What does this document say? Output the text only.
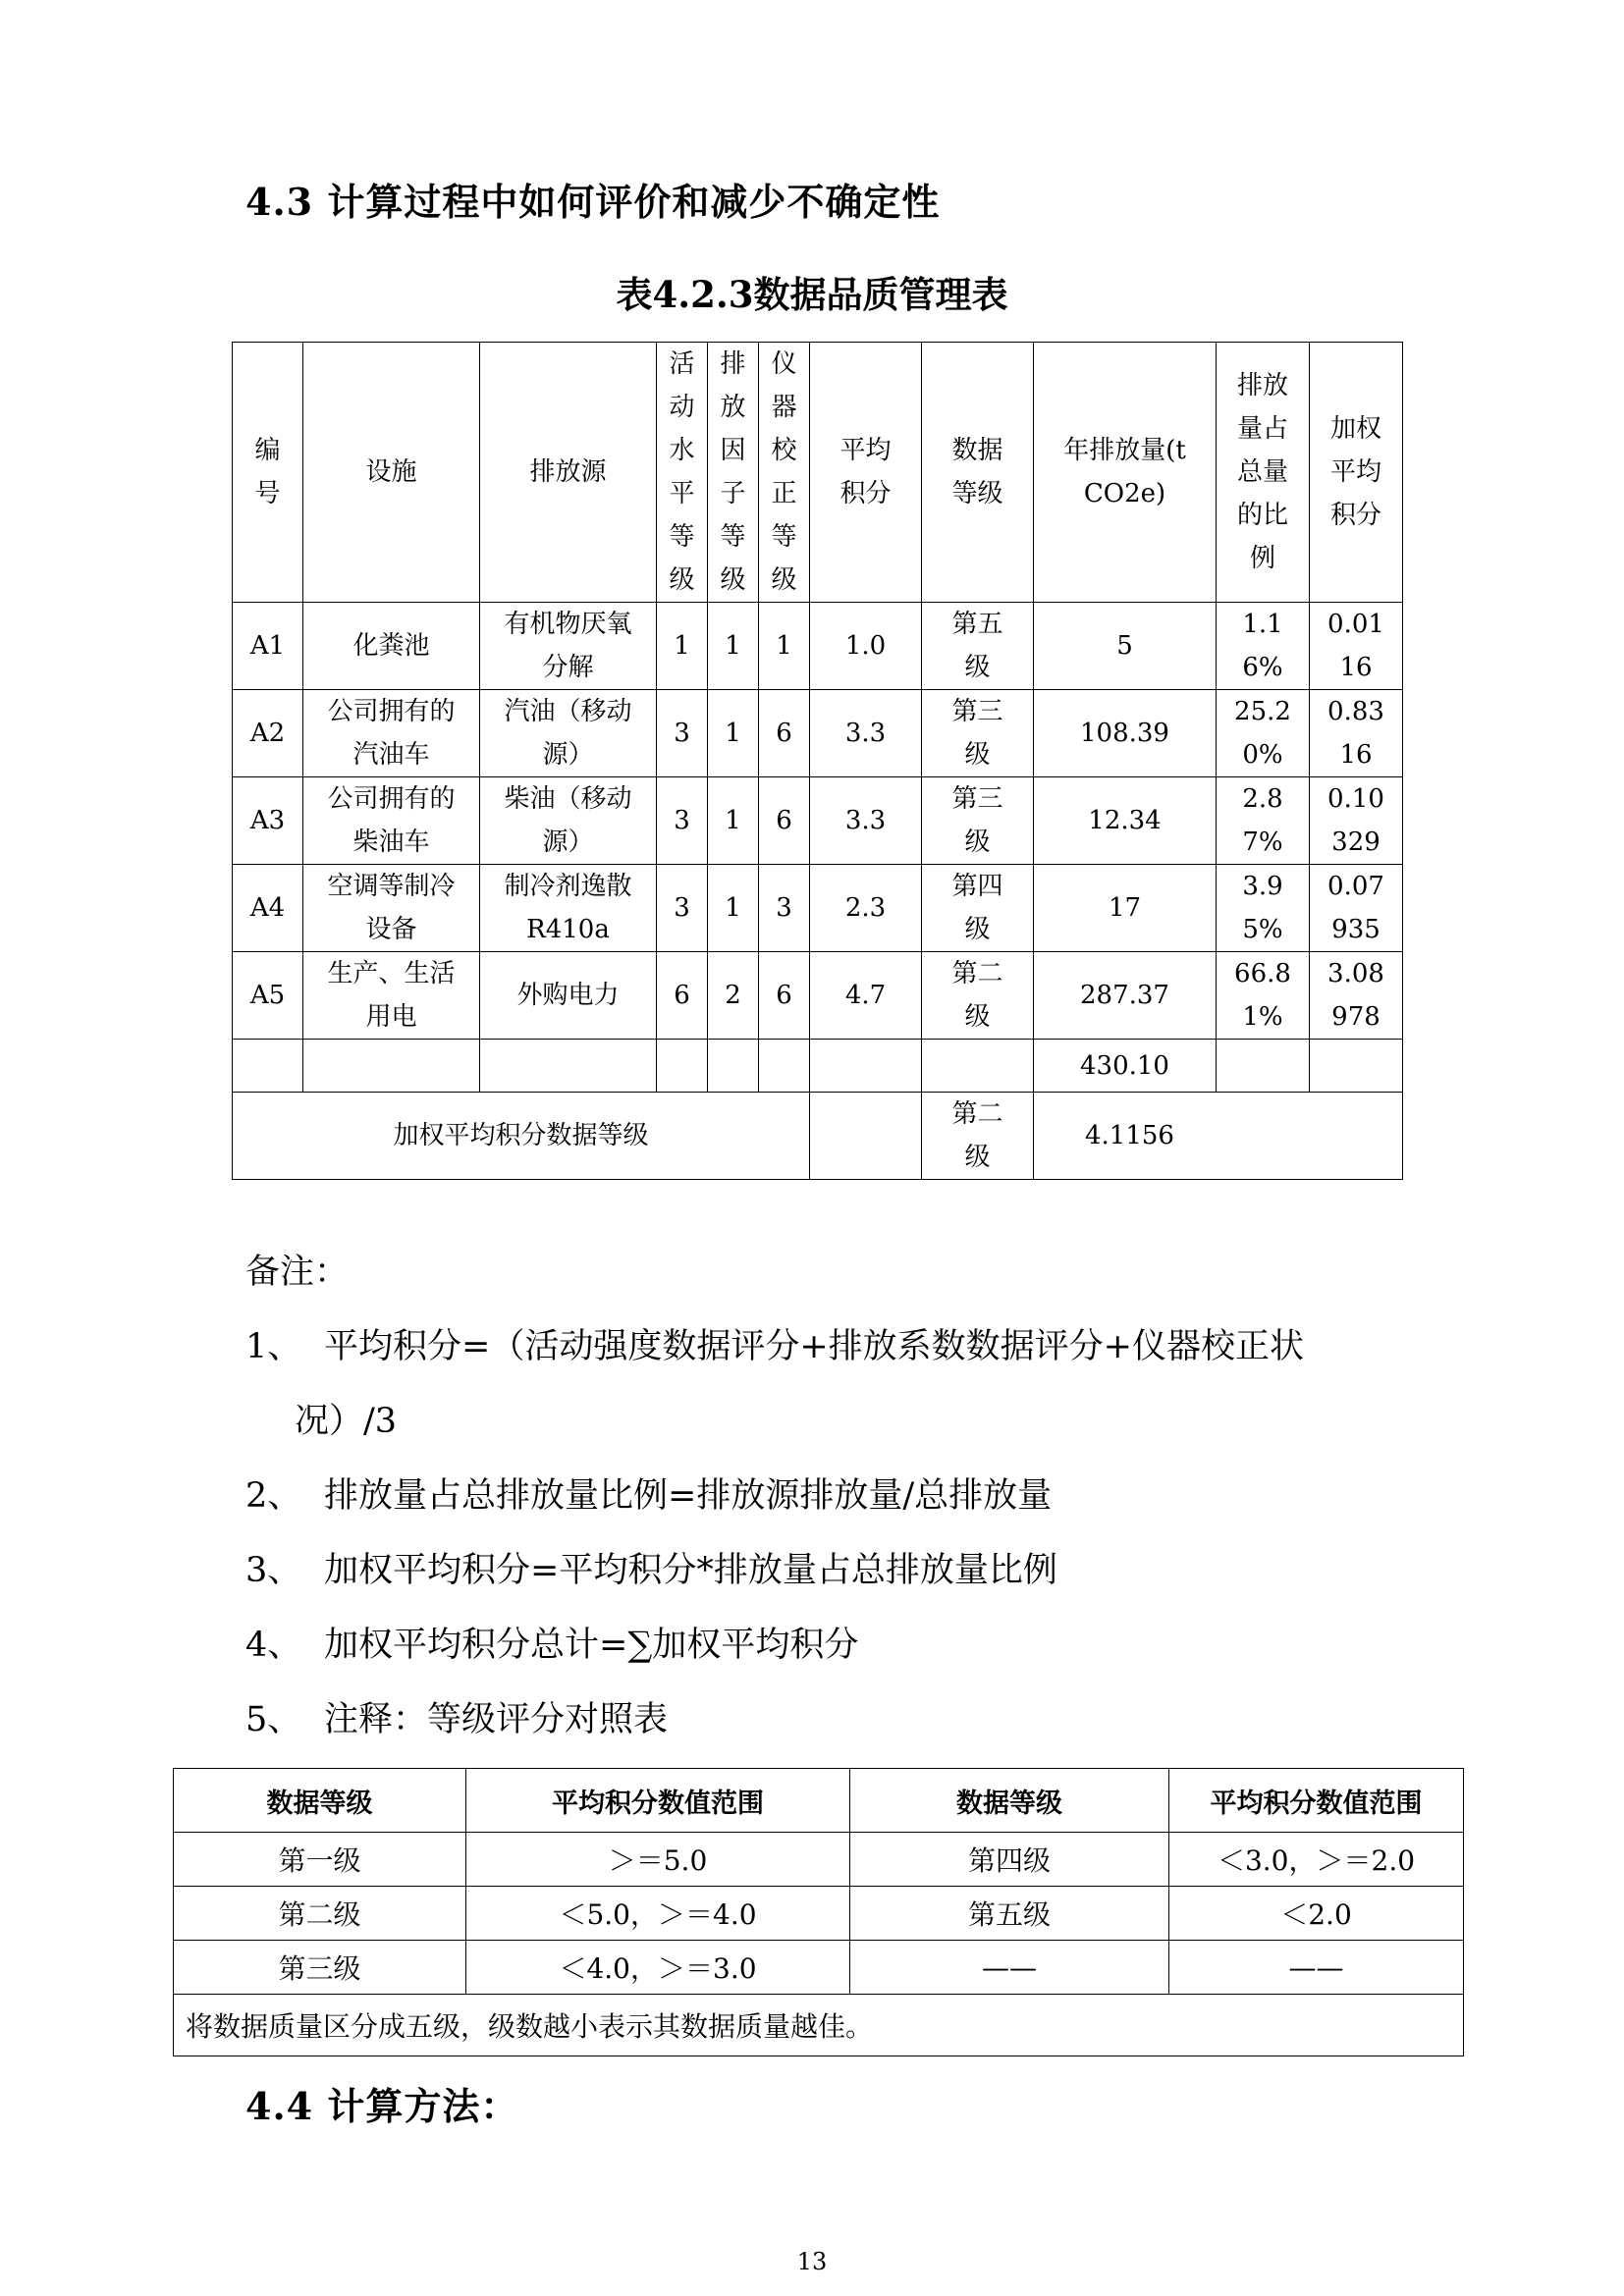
4.3 计算过程中如何评价和减少不确定性
表4.2.3数据品质管理表
编号	设施	排放源	活动水平等级	排放因子等级	仪器校正等级	平均积分	数据等级	年排放量(tCO2e)	排放量占总量的比例	加权平均积分
A1	化粪池	有机物厌氧分解	1	1	1	1.0	第五级	5	1.16%	0.0116
A2	公司拥有的汽油车	汽油（移动源）	3	1	6	3.3	第三级	108.39	25.20%	0.8316
A3	公司拥有的柴油车	柴油（移动源）	3	1	6	3.3	第三级	12.34	2.87%	0.10329
A4	空调等制冷设备	制冷剂逸散R410a	3	1	3	2.3	第四级	17	3.95%	0.07935
A5	生产、生活用电	外购电力	6	2	6	4.7	第二级	287.37	66.81%	3.08978
								430.10		
加权平均积分数据等级							第二级	4.1156		
备注：
1、 平均积分=（活动强度数据评分+排放系数数据评分+仪器校正状
况）/3
2、 排放量占总排放量比例=排放源排放量/总排放量
3、 加权平均积分=平均积分*排放量占总排放量比例
4、 加权平均积分总计=∑加权平均积分
5、 注释：等级评分对照表
数据等级	平均积分数值范围	数据等级	平均积分数值范围
第一级	＞＝5.0	第四级	＜3.0，＞＝2.0
第二级	＜5.0，＞＝4.0	第五级	＜2.0
第三级	＜4.0，＞＝3.0	——	——
将数据质量区分成五级，级数越小表示其数据质量越佳。			
4.4 计算方法：
13
